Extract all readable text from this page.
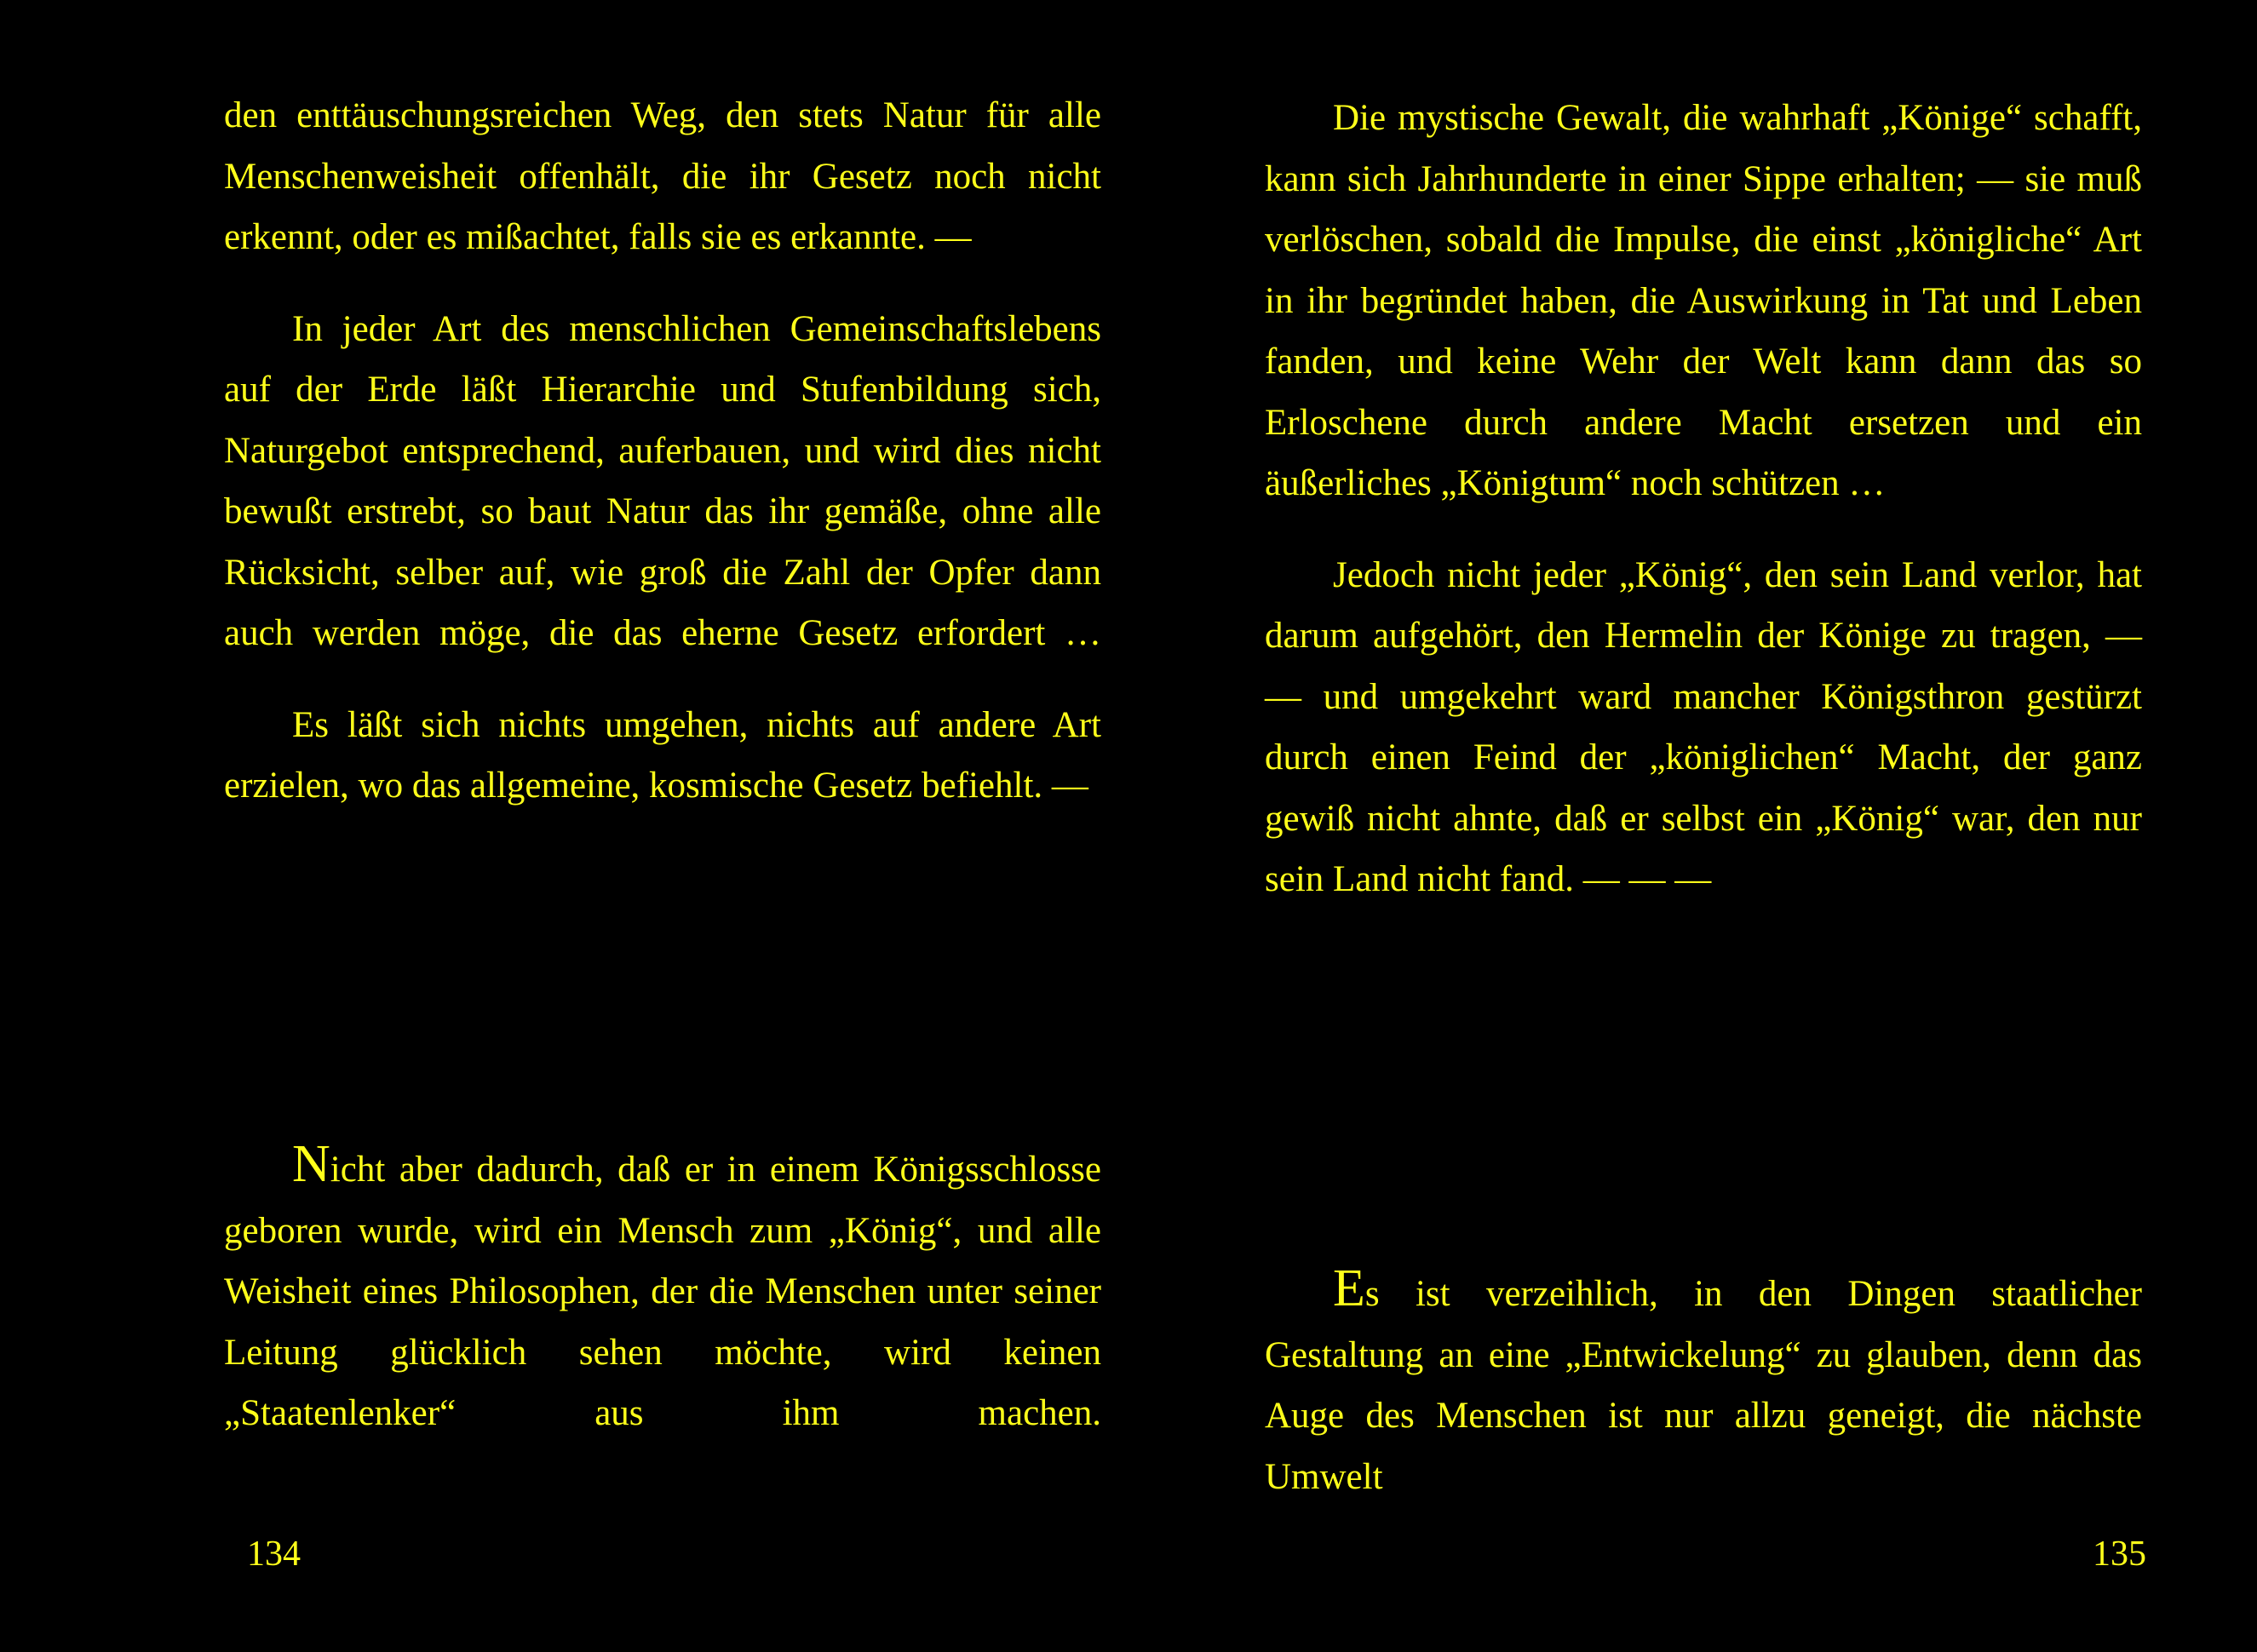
den enttäuschungsreichen Weg, den stets Natur für alle Menschenweisheit offenhält, die ihr Gesetz noch nicht erkennt, oder es mißachtet, falls sie es erkannte. —

In jeder Art des menschlichen Gemeinschaftslebens auf der Erde läßt Hierarchie und Stufenbildung sich, Naturgebot entsprechend, auferbauen, und wird dies nicht bewußt erstrebt, so baut Natur das ihr gemäße, ohne alle Rücksicht, selber auf, wie groß die Zahl der Opfer dann auch werden möge, die das eherne Gesetz erfordert …

Es läßt sich nichts umgehen, nichts auf andere Art erzielen, wo das allgemeine, kosmische Gesetz befiehlt. —

Nicht aber dadurch, daß er in einem Königsschlosse geboren wurde, wird ein Mensch zum „König“, und alle Weisheit eines Philosophen, der die Menschen unter seiner Leitung glücklich sehen möchte, wird keinen „Staatenlenker“ aus ihm machen.

134

Die mystische Gewalt, die wahrhaft „Könige“ schafft, kann sich Jahrhunderte in einer Sippe erhalten; — sie muß verlöschen, sobald die Impulse, die einst „königliche“ Art in ihr begründet haben, die Auswirkung in Tat und Leben fanden, und keine Wehr der Welt kann dann das so Erloschene durch andere Macht ersetzen und ein äußerliches „Königtum“ noch schützen …

Jedoch nicht jeder „König“, den sein Land verlor, hat darum aufgehört, den Hermelin der Könige zu tragen, — — und umgekehrt ward mancher Königsthron gestürzt durch einen Feind der „königlichen“ Macht, der ganz gewiß nicht ahnte, daß er selbst ein „König“ war, den nur sein Land nicht fand. — — —

Es ist verzeihlich, in den Dingen staatlicher Gestaltung an eine „Entwickelung“ zu glauben, denn das Auge des Menschen ist nur allzu geneigt, die nächste Umwelt

135
